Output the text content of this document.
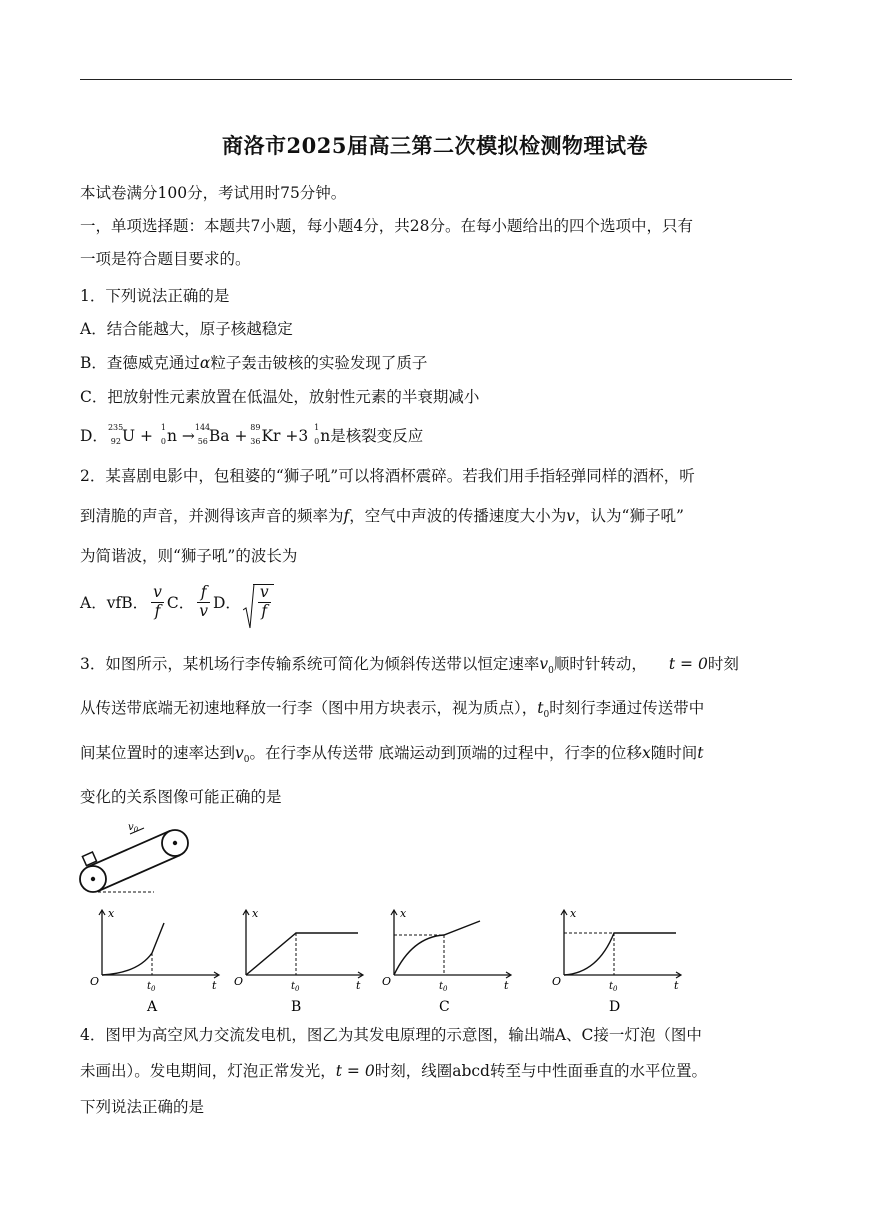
商洛市2025届高三第二次模拟检测物理试卷
本试卷满分100分，考试用时75分钟。
一，单项选择题：本题共7小题，每小题4分，共28分。在每小题给出的四个选项中，只有
一项是符合题目要求的。
1．下列说法正确的是
A．结合能越大，原子核越稳定
B．查德威克通过α粒子轰击铍核的实验发现了质子
C．把放射性元素放置在低温处，放射性元素的半衰期减小
D． 235
92 U + 1
0 n → 144
56 Ba + 89
36 Kr +3 1
0 n是核裂变反应
2．某喜剧电影中，包租婆的“狮子吼”可以将酒杯震碎。若我们用手指轻弹同样的酒杯，听
到清脆的声音，并测得该声音的频率为f，空气中声波的传播速度大小为v，认为“狮子吼”
为简谐波，则“狮子吼”的波长为
A．vf B． $\frac{v}{f}$ C． $\frac{f}{v}$ D． $\frac{v}{f}$
3．如图所示，某机场行李传输系统可简化为倾斜传送带以恒定速率$v_0$顺时针转动， t = 0时刻
从传送带底端无初速地释放一行李（图中用方块表示，视为质点），$t_0$时刻行李通过传送带中
间某位置时的速率达到$v_0$。在行李从传送带 底端运动到顶端的过程中，行李的位移x随时间t
变化的关系图像可能正确的是
$v_0$
x
t
O	$t_0$
A
x
t
O	$t_0$
B
x
t
O	$t_0$
C
x
t
O	$t_0$
D
4．图甲为高空风力交流发电机，图乙为其发电原理的示意图，输出端A、C接一灯泡（图中
未画出）。发电期间，灯泡正常发光，t = 0时刻，线圈abcd转至与中性面垂直的水平位置。
下列说法正确的是
